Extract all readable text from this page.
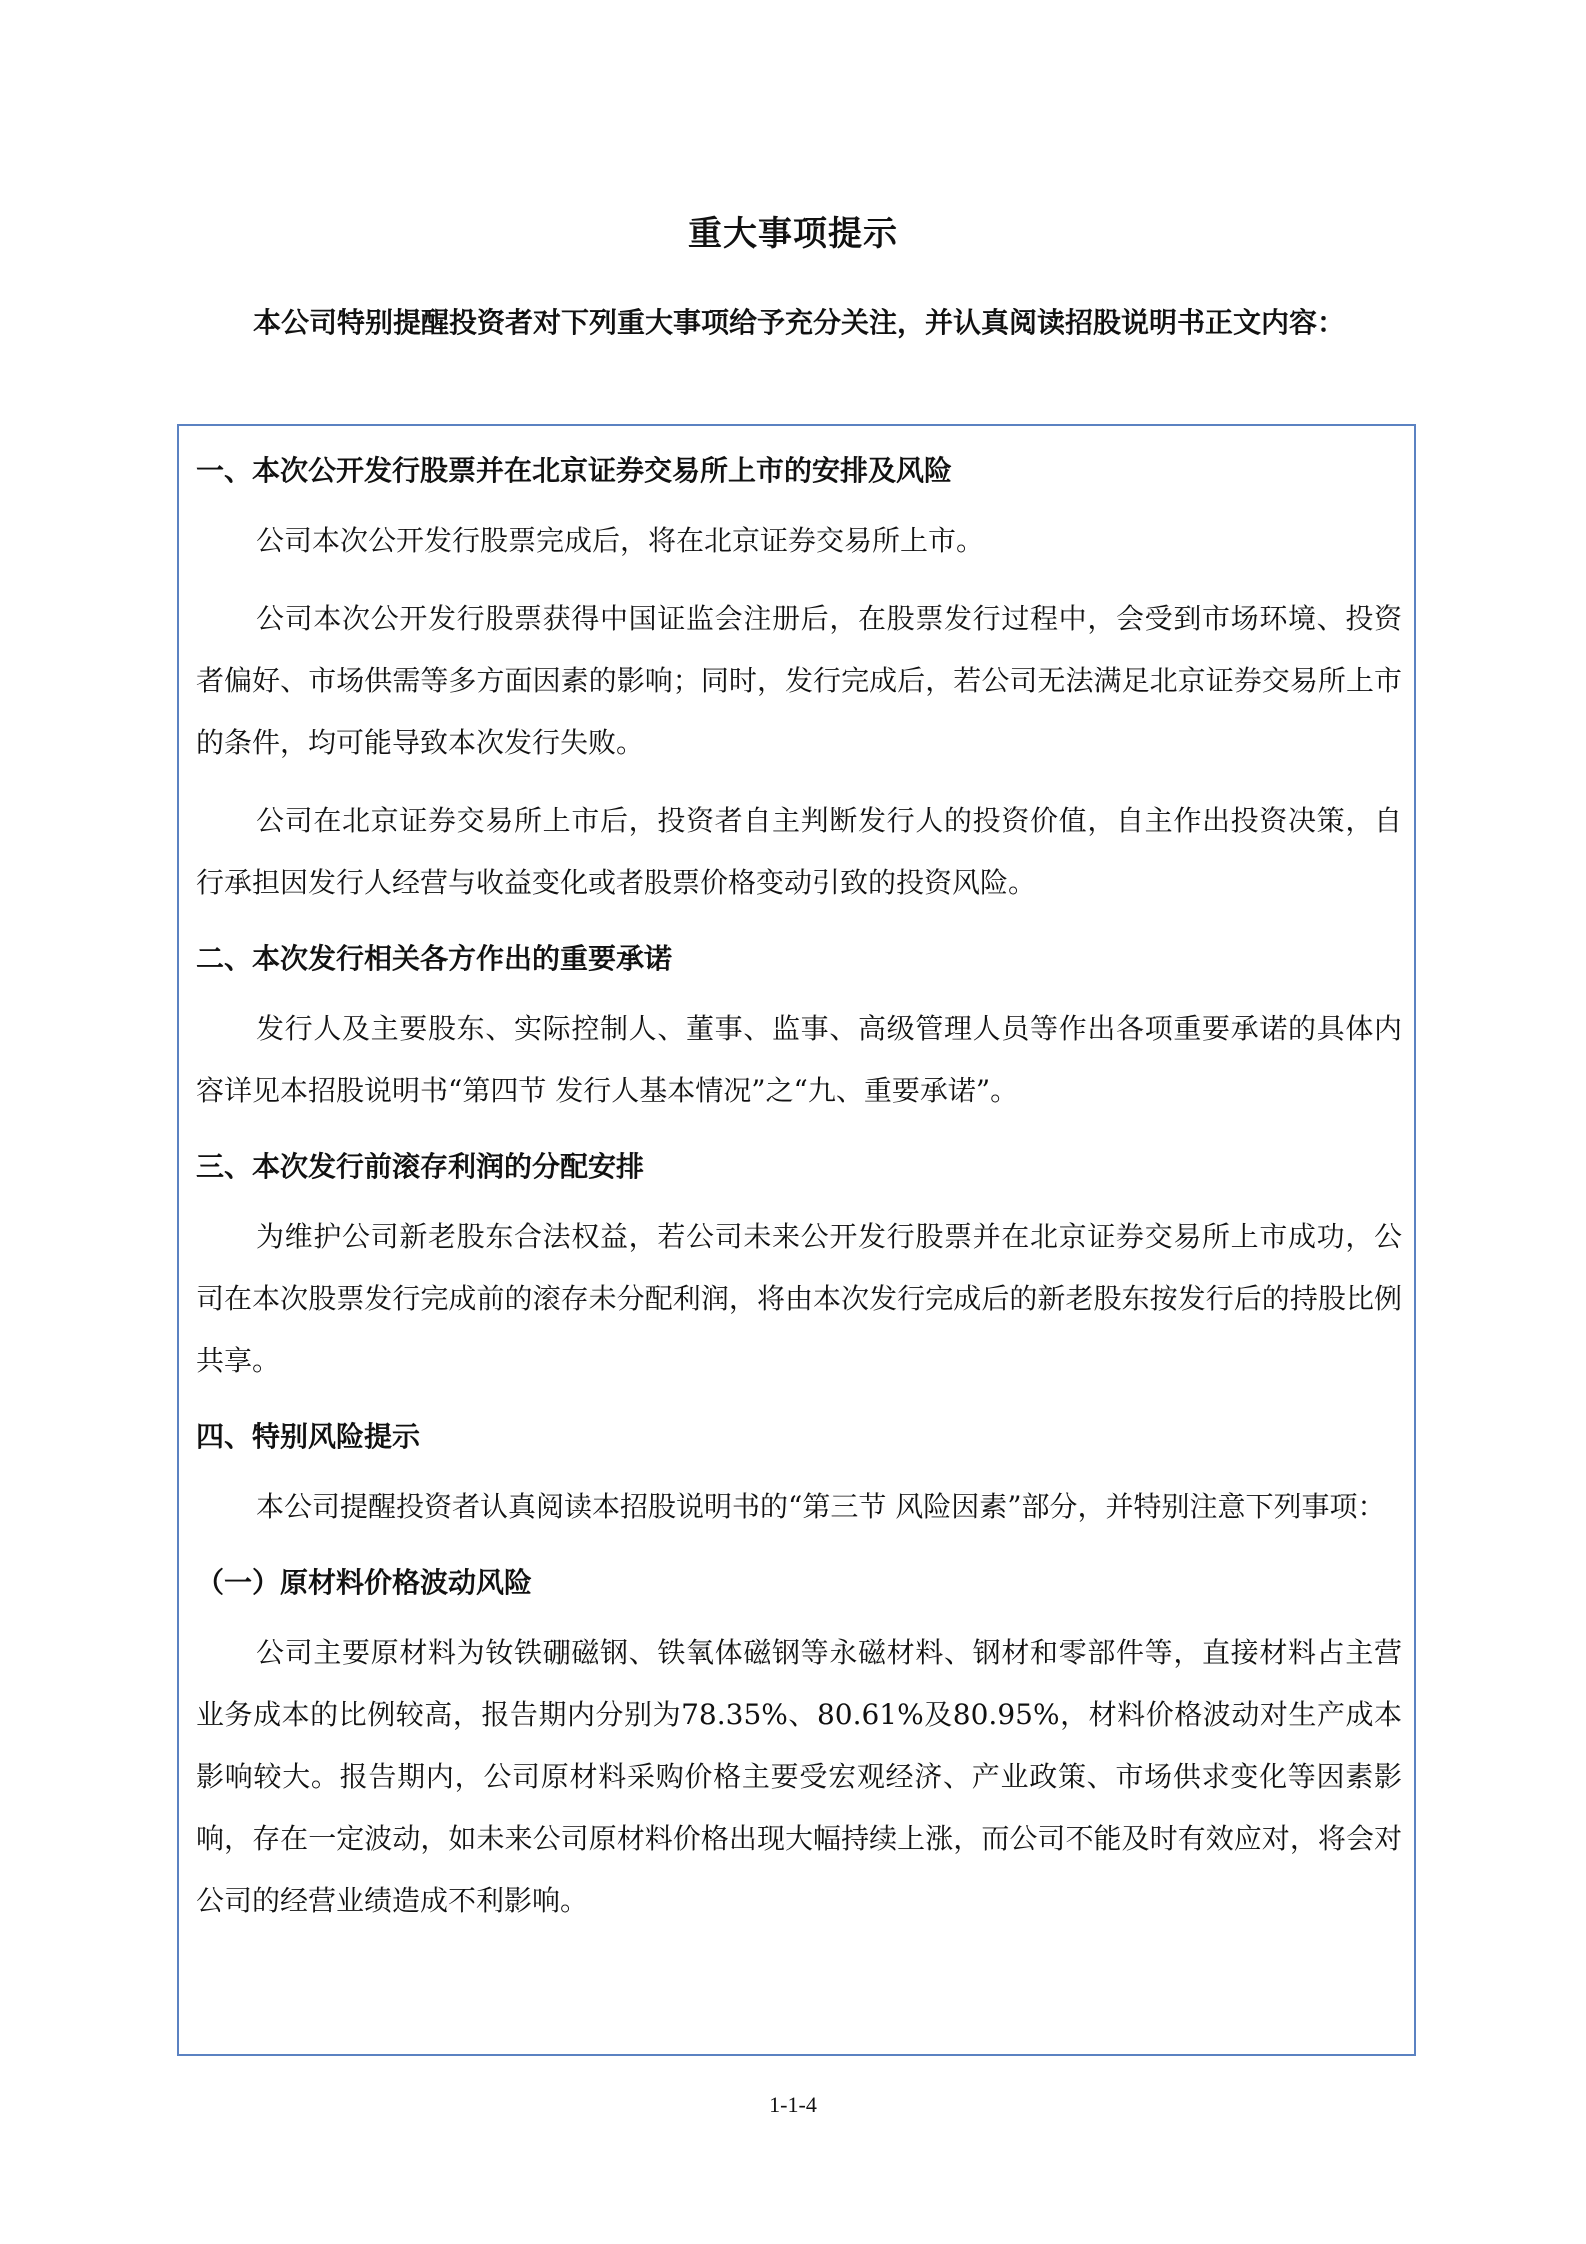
重大事项提示
本公司特别提醒投资者对下列重大事项给予充分关注，并认真阅读招股说明书正文内容：
一、本次公开发行股票并在北京证券交易所上市的安排及风险

公司本次公开发行股票完成后，将在北京证券交易所上市。

公司本次公开发行股票获得中国证监会注册后，在股票发行过程中，会受到市场环境、投资者偏好、市场供需等多方面因素的影响；同时，发行完成后，若公司无法满足北京证券交易所上市的条件，均可能导致本次发行失败。

公司在北京证券交易所上市后，投资者自主判断发行人的投资价值，自主作出投资决策，自行承担因发行人经营与收益变化或者股票价格变动引致的投资风险。

二、本次发行相关各方作出的重要承诺

发行人及主要股东、实际控制人、董事、监事、高级管理人员等作出各项重要承诺的具体内容详见本招股说明书“第四节 发行人基本情况”之“九、重要承诺”。

三、本次发行前滚存利润的分配安排

为维护公司新老股东合法权益，若公司未来公开发行股票并在北京证券交易所上市成功，公司在本次股票发行完成前的滚存未分配利润，将由本次发行完成后的新老股东按发行后的持股比例共享。

四、特别风险提示

本公司提醒投资者认真阅读本招股说明书的“第三节 风险因素”部分，并特别注意下列事项：

（一）原材料价格波动风险

公司主要原材料为钕铁硼磁钢、铁氧体磁钢等永磁材料、钢材和零部件等，直接材料占主营业务成本的比例较高，报告期内分别为78.35%、80.61%及80.95%，材料价格波动对生产成本影响较大。报告期内，公司原材料采购价格主要受宏观经济、产业政策、市场供求变化等因素影响，存在一定波动，如未来公司原材料价格出现大幅持续上涨，而公司不能及时有效应对，将会对公司的经营业绩造成不利影响。

1-1-4
